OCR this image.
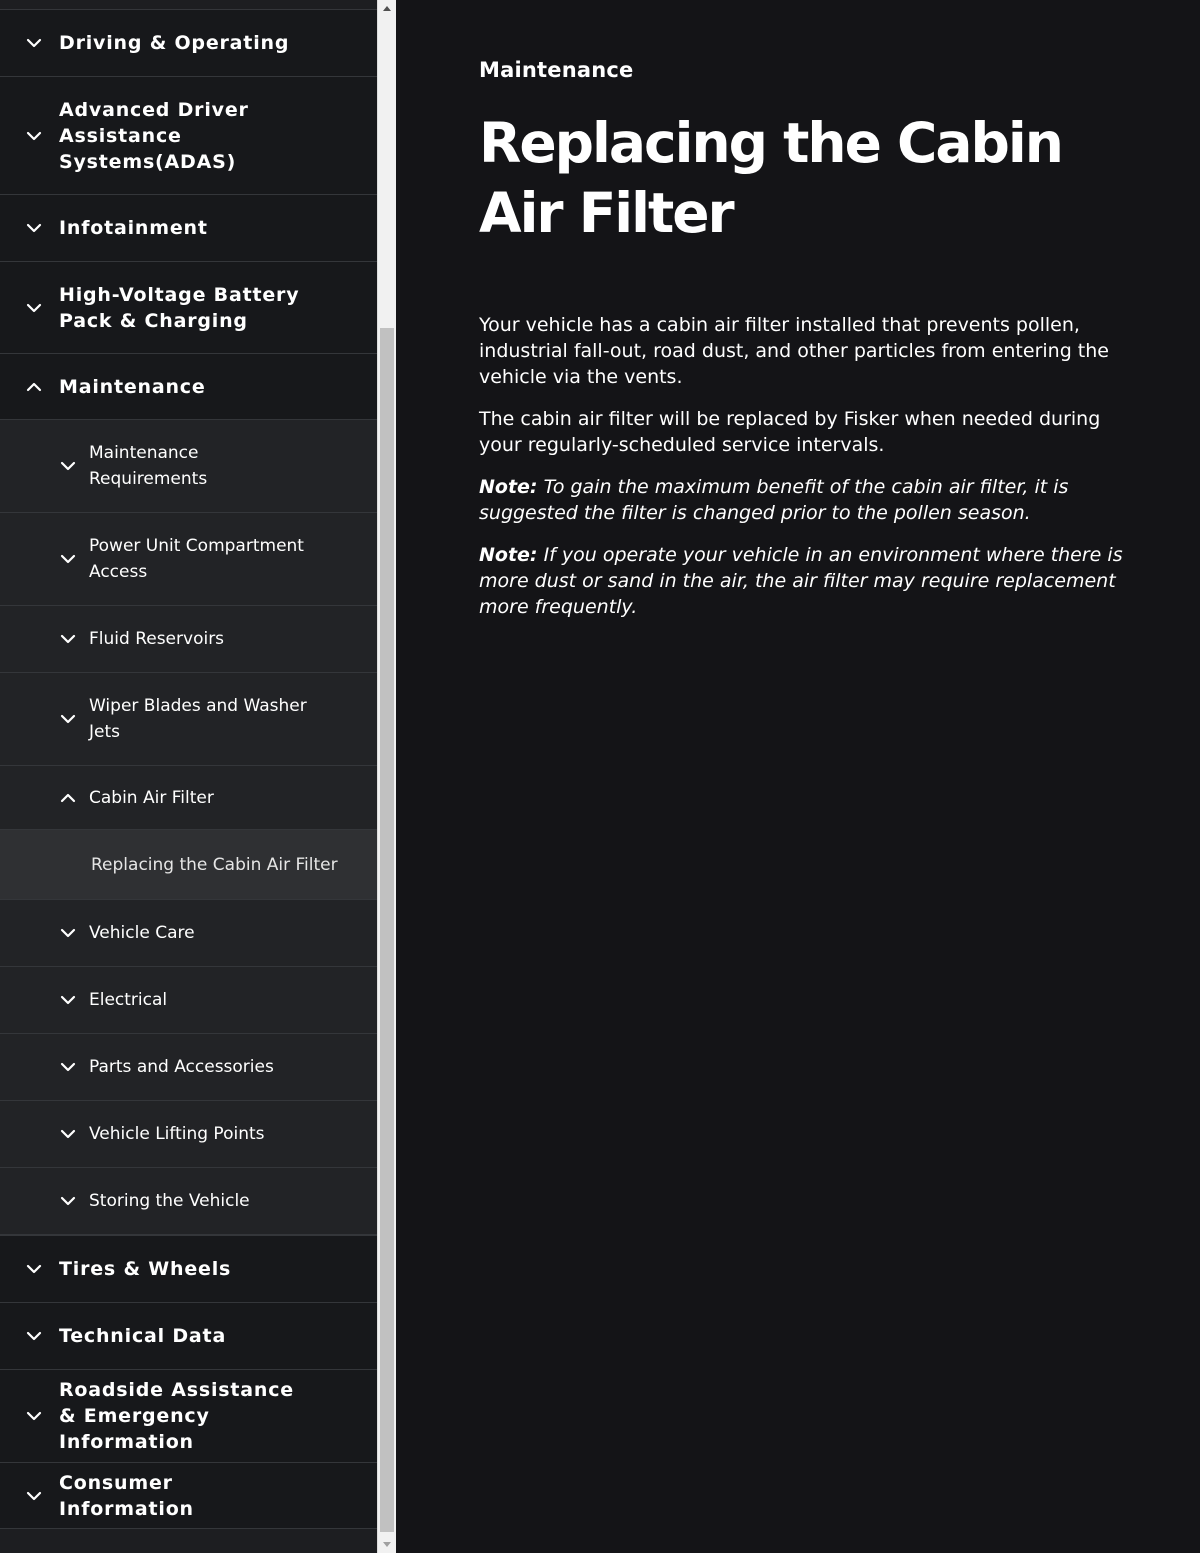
Driving & Operating
Advanced Driver Assistance Systems(ADAS)
Infotainment
High-Voltage Battery Pack & Charging
Maintenance
Maintenance Requirements
Power Unit Compartment Access
Fluid Reservoirs
Wiper Blades and Washer Jets
Cabin Air Filter
Replacing the Cabin Air Filter
Vehicle Care
Electrical
Parts and Accessories
Vehicle Lifting Points
Storing the Vehicle
Tires & Wheels
Technical Data
Roadside Assistance & Emergency Information
Consumer Information
Maintenance
Replacing the Cabin Air Filter

Your vehicle has a cabin air filter installed that prevents pollen, industrial fall-out, road dust, and other particles from entering the vehicle via the vents.

The cabin air filter will be replaced by Fisker when needed during your regularly-scheduled service intervals.

Note: To gain the maximum benefit of the cabin air filter, it is suggested the filter is changed prior to the pollen season.

Note: If you operate your vehicle in an environment where there is more dust or sand in the air, the air filter may require replacement more frequently.
